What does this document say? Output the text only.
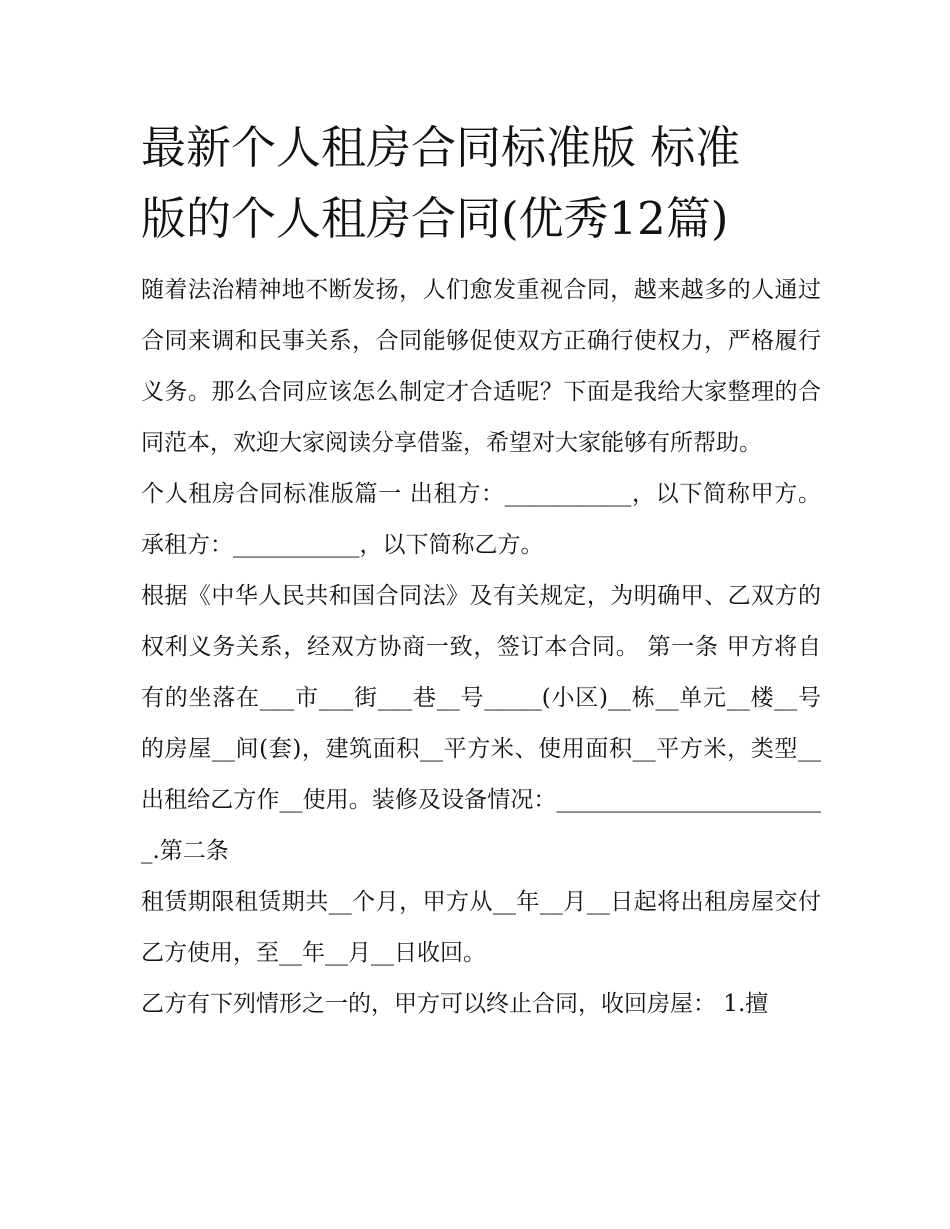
最新个人租房合同标准版 标准
版的个人租房合同(优秀12篇)

随着法治精神地不断发扬，人们愈发重视合同，越来越多的人通过合同来调和民事关系，合同能够促使双方正确行使权力，严格履行义务。那么合同应该怎么制定才合适呢？下面是我给大家整理的合同范本，欢迎大家阅读分享借鉴，希望对大家能够有所帮助。

个人租房合同标准版篇一 出租方：___________，以下简称甲方。 承租方：___________，以下简称乙方。

根据《中华人民共和国合同法》及有关规定，为明确甲、乙双方的权利义务关系，经双方协商一致，签订本合同。 第一条 甲方将自有的坐落在___市___街___巷__号_____(小区)__栋__单元__楼__号的房屋__间(套)，建筑面积__平方米、使用面积__平方米，类型__出租给乙方作__使用。装修及设备情况：________________________.第二条

租赁期限租赁期共__个月，甲方从__年__月__日起将出租房屋交付乙方使用，至__年__月__日收回。

乙方有下列情形之一的，甲方可以终止合同，收回房屋： 1.擅
